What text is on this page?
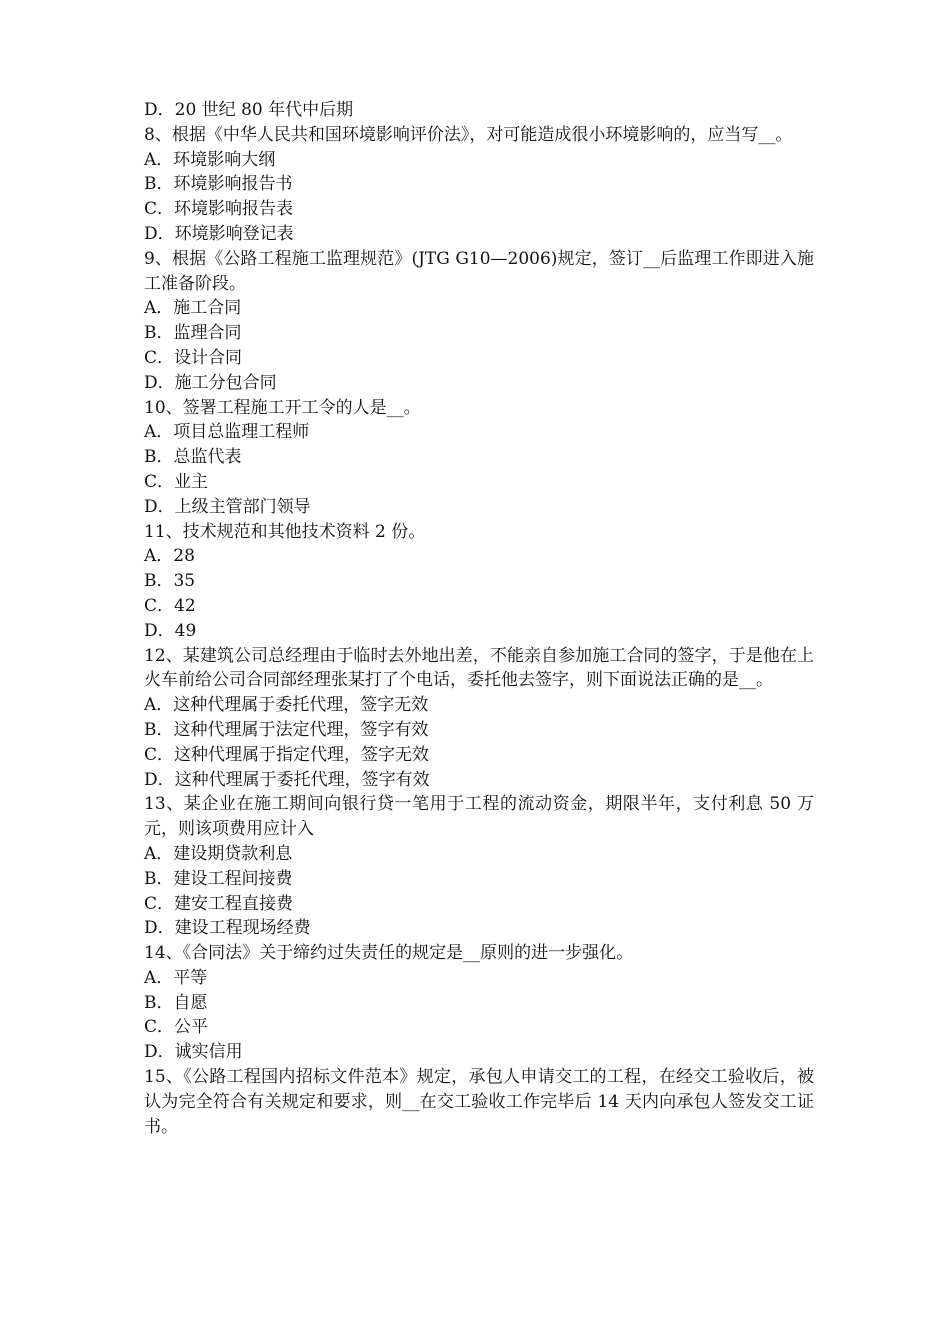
D．20 世纪 80 年代中后期

8、根据《中华人民共和国环境影响评价法》，对可能造成很小环境影响的，应当写__。

A．环境影响大纲

B．环境影响报告书

C．环境影响报告表

D．环境影响登记表

9、根据《公路工程施工监理规范》(JTG G10—2006)规定，签订__后监理工作即进入施工准备阶段。

A．施工合同

B．监理合同

C．设计合同

D．施工分包合同

10、签署工程施工开工令的人是__。

A．项目总监理工程师

B．总监代表

C．业主

D．上级主管部门领导

11、技术规范和其他技术资料 2 份。

A．28

B．35

C．42

D．49

12、某建筑公司总经理由于临时去外地出差，不能亲自参加施工合同的签字，于是他在上火车前给公司合同部经理张某打了个电话，委托他去签字，则下面说法正确的是__。

A．这种代理属于委托代理，签字无效

B．这种代理属于法定代理，签字有效

C．这种代理属于指定代理，签字无效

D．这种代理属于委托代理，签字有效

13、某企业在施工期间向银行贷一笔用于工程的流动资金，期限半年，支付利息 50 万元，则该项费用应计入

A．建设期贷款利息

B．建设工程间接费

C．建安工程直接费

D．建设工程现场经费

14、《合同法》关于缔约过失责任的规定是__原则的进一步强化。

A．平等

B．自愿

C．公平

D．诚实信用

15、《公路工程国内招标文件范本》规定，承包人申请交工的工程，在经交工验收后，被认为完全符合有关规定和要求，则__在交工验收工作完毕后 14 天内向承包人签发交工证书。
